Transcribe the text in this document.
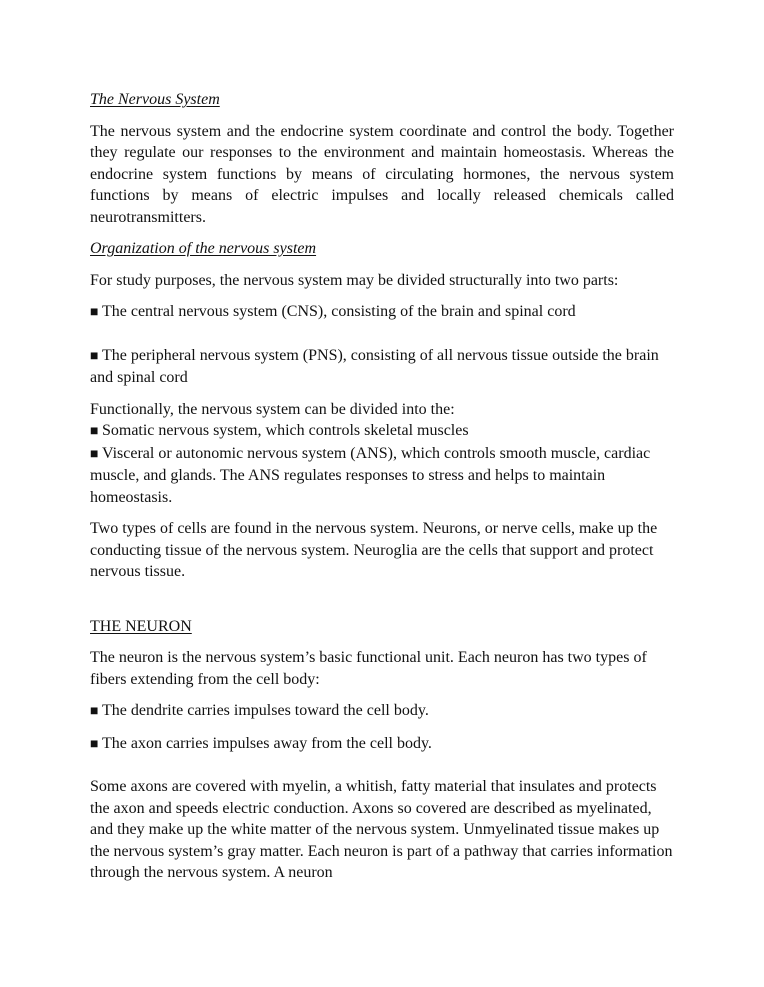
The Nervous System

The nervous system and the endocrine system coordinate and control the body. Together they regulate our responses to the environment and maintain homeostasis. Whereas the endocrine system functions by means of circulating hormones, the nervous system functions by means of electric impulses and locally released chemicals called neurotransmitters.

Organization of the nervous system

For study purposes, the nervous system may be divided structurally into two parts:

■ The central nervous system (CNS), consisting of the brain and spinal cord

■ The peripheral nervous system (PNS), consisting of all nervous tissue outside the brain and spinal cord

Functionally, the nervous system can be divided into the:

■ Somatic nervous system, which controls skeletal muscles

■ Visceral or autonomic nervous system (ANS), which controls smooth muscle, cardiac muscle, and glands. The ANS regulates responses to stress and helps to maintain homeostasis.

Two types of cells are found in the nervous system. Neurons, or nerve cells, make up the conducting tissue of the nervous system. Neuroglia are the cells that support and protect nervous tissue.

THE NEURON

The neuron is the nervous system’s basic functional unit. Each neuron has two types of fibers extending from the cell body:

■ The dendrite carries impulses toward the cell body.

■ The axon carries impulses away from the cell body.

Some axons are covered with myelin, a whitish, fatty material that insulates and protects the axon and speeds electric conduction. Axons so covered are described as myelinated, and they make up the white matter of the nervous system. Unmyelinated tissue makes up the nervous system’s gray matter. Each neuron is part of a pathway that carries information through the nervous system. A neuron
